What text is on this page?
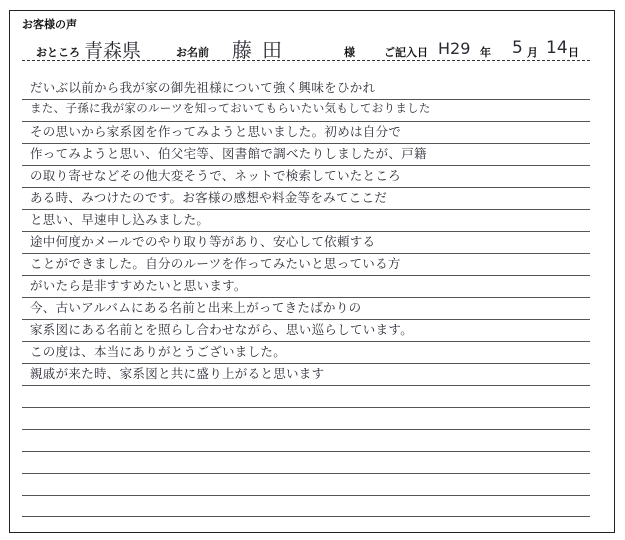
お客様の声
おところ 青森県	お名前 藤田	様	ご記入日 H29 年 5 月 14 日
だいぶ以前から我が家の御先祖様について強く興味をひかれ
また、子孫に我が家のルーツを知っておいてもらいたい気もしておりました
その思いから家系図を作ってみようと思いました。初めは自分で
作ってみようと思い、伯父宅等、図書館で調べたりしましたが、戸籍
の取り寄せなどその他大変そうで、ネットで検索していたところ
ある時、みつけたのです。お客様の感想や料金等をみてここだ
と思い、早速申し込みました。
途中何度かメールでのやり取り等があり、安心して依頼する
ことができました。自分のルーツを作ってみたいと思っている方
がいたら是非すすめたいと思います。
今、古いアルバムにある名前と出来上がってきたばかりの
家系図にある名前とを照らし合わせながら、思い巡らしています。
この度は、本当にありがとうございました。
親戚が来た時、家系図と共に盛り上がると思います
